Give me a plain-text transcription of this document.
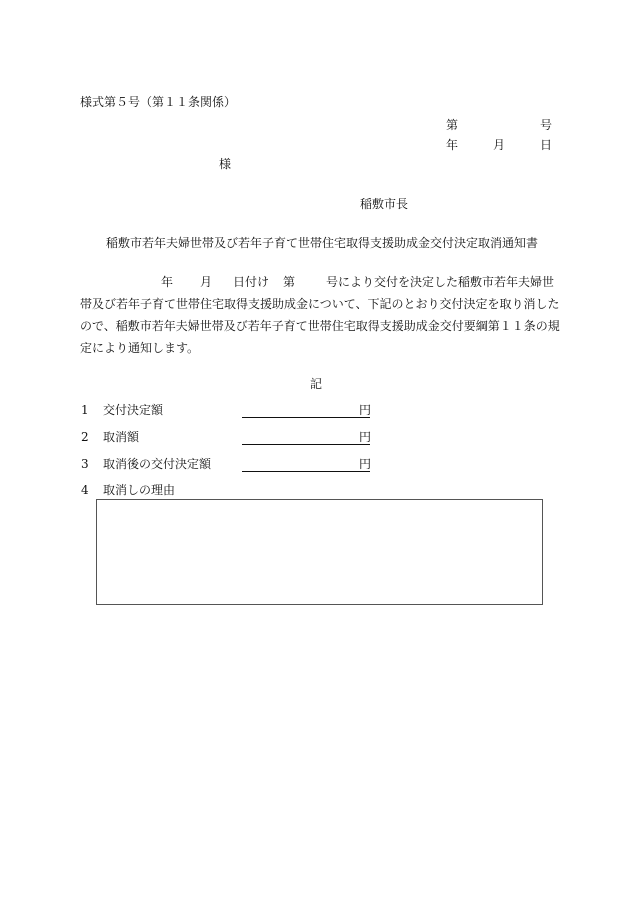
様式第５号（第１１条関係）
第	号
年	月	日
様
稲敷市長
稲敷市若年夫婦世帯及び若年子育て世帯住宅取得支援助成金交付決定取消通知書
年 月 日付け 第	号により交付を決定した稲敷市若年夫婦世
帯及び若年子育て世帯住宅取得支援助成金について、下記のとおり交付決定を取り消した
ので、稲敷市若年夫婦世帯及び若年子育て世帯住宅取得支援助成金交付要綱第１１条の規
定により通知します。
記
1 交付決定額	円
2 取消額	円
3 取消後の交付決定額	円
4 取消しの理由
